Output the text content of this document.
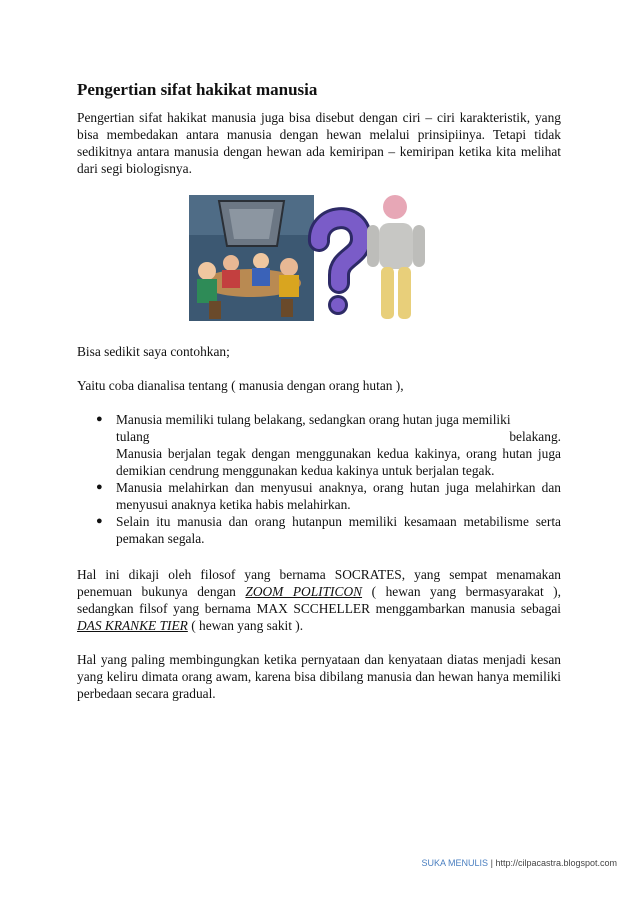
Pengertian sifat hakikat manusia

Pengertian sifat hakikat manusia juga bisa disebut dengan ciri – ciri karakteristik, yang bisa membedakan antara manusia dengan hewan melalui prinsipiinya. Tetapi tidak sedikitnya antara manusia dengan hewan ada kemiripan – kemiripan ketika kita melihat dari segi biologisnya.

Bisa sedikit saya contohkan;

Yaitu coba dianalisa tentang ( manusia dengan orang hutan ),

● Manusia memiliki tulang belakang, sedangkan orang hutan juga memiliki
tulang	belakang.
Manusia berjalan tegak dengan menggunakan kedua kakinya, orang hutan juga demikian cendrung menggunakan kedua kakinya untuk berjalan tegak.
● Manusia melahirkan dan menyusui anaknya, orang hutan juga melahirkan dan menyusui anaknya ketika habis melahirkan.
● Selain itu manusia dan orang hutanpun memiliki kesamaan metabilisme serta pemakan segala.

Hal ini dikaji oleh filosof yang bernama SOCRATES, yang sempat menamakan penemuan bukunya dengan ZOOM POLITICON ( hewan yang bermasyarakat ), sedangkan filsof yang bernama MAX SCCHELLER menggambarkan manusia sebagai DAS KRANKE TIER ( hewan yang sakit ).

Hal yang paling membingungkan ketika pernyataan dan kenyataan diatas menjadi kesan yang keliru dimata orang awam, karena bisa dibilang manusia dan hewan hanya memiliki perbedaan secara gradual.

SUKA MENULIS | http://cilpacastra.blogspot.com
